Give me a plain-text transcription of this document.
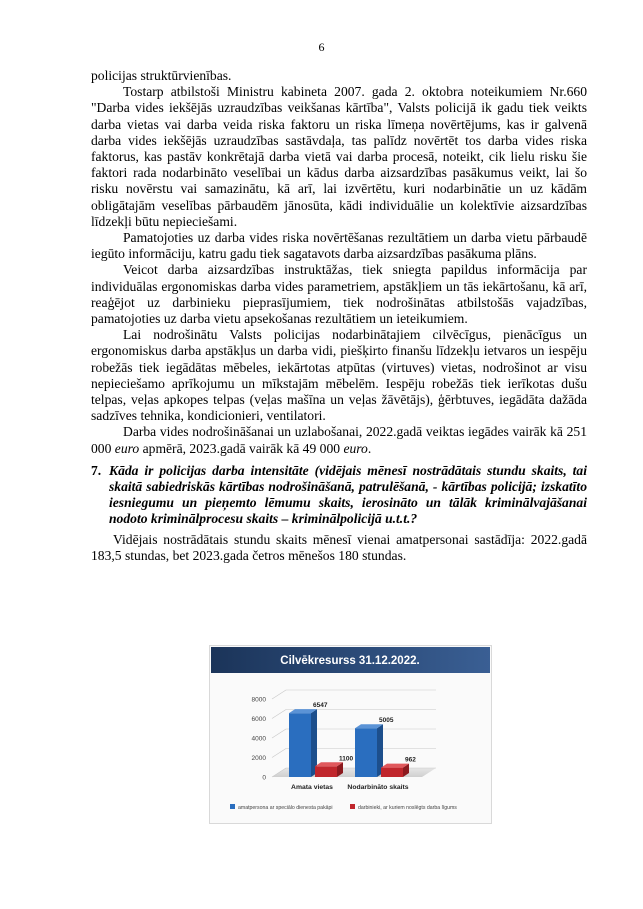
6

policijas struktūrvienības.

Tostarp atbilstoši Ministru kabineta 2007. gada 2. oktobra noteikumiem Nr.660 "Darba vides iekšējās uzraudzības veikšanas kārtība", Valsts policijā ik gadu tiek veikts darba vietas vai darba veida riska faktoru un riska līmeņa novērtējums, kas ir galvenā darba vides iekšējās uzraudzības sastāvdaļa, tas palīdz novērtēt tos darba vides riska faktorus, kas pastāv konkrētajā darba vietā vai darba procesā, noteikt, cik lielu risku šie faktori rada nodarbināto veselībai un kādus darba aizsardzības pasākumus veikt, lai šo risku novērstu vai samazinātu, kā arī, lai izvērtētu, kuri nodarbinātie un uz kādām obligātajām veselības pārbaudēm jānosūta, kādi individuālie un kolektīvie aizsardzības līdzekļi būtu nepieciešami.

Pamatojoties uz darba vides riska novērtēšanas rezultātiem un darba vietu pārbaudē iegūto informāciju, katru gadu tiek sagatavots darba aizsardzības pasākuma plāns.

Veicot darba aizsardzības instruktāžas, tiek sniegta papildus informācija par individuālas ergonomiskas darba vides parametriem, apstākļiem un tās iekārtošanu, kā arī, reaģējot uz darbinieku pieprasījumiem, tiek nodrošinātas atbilstošās vajadzības, pamatojoties uz darba vietu apsekošanas rezultātiem un ieteikumiem.

Lai nodrošinātu Valsts policijas nodarbinātajiem cilvēcīgus, pienācīgus un ergonomiskus darba apstākļus un darba vidi, piešķirto finanšu līdzekļu ietvaros un iespēju robežās tiek iegādātas mēbeles, iekārtotas atpūtas (virtuves) vietas, nodrošinot ar visu nepieciešamo aprīkojumu un mīkstajām mēbelēm. Iespēju robežās tiek ierīkotas dušu telpas, veļas apkopes telpas (veļas mašīna un veļas žāvētājs), ģērbtuves, iegādāta dažāda sadzīves tehnika, kondicionieri, ventilatori.

Darba vides nodrošināšanai un uzlabošanai, 2022.gadā veiktas iegādes vairāk kā 251 000 euro apmērā, 2023.gadā vairāk kā 49 000 euro.

7. Kāda ir policijas darba intensitāte (vidējais mēnesī nostrādātais stundu skaits, tai skaitā sabiedriskās kārtības nodrošināšanā, patrulēšanā, - kārtības policijā; izskatīto iesniegumu un pieņemto lēmumu skaits, ierosināto un tālāk kriminālvajāšanai nodoto kriminālprocesu skaits – kriminālpolicijā u.t.t.?

Vidējais nostrādātais stundu skaits mēnesī vienai amatpersonai sastādīja: 2022.gadā 183,5 stundas, bet 2023.gada četros mēnešos 180 stundas.

Cilvēkresurss 31.12.2022.
0
2000
4000
6000
8000
6547
1100
Amata vietas
5005
962
Nodarbināto skaits
amatpersona ar speciālo dienesta pakāpi	darbinieki, ar kuriem noslēgts darba līgums
